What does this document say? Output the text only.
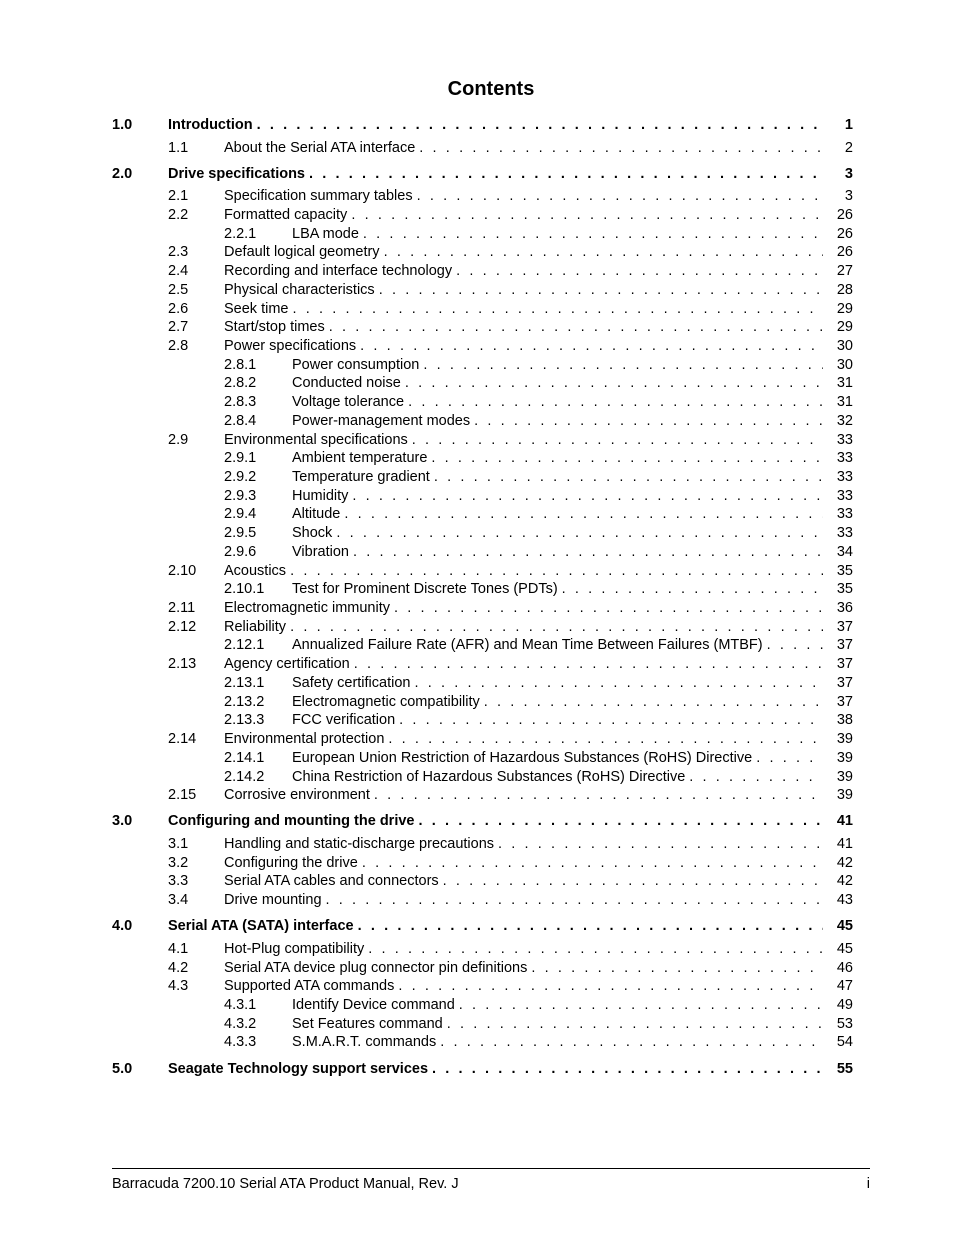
Contents
1.0 Introduction . . .	1
1.1 About the Serial ATA interface . . .	2
2.0 Drive specifications . . .	3
2.1 Specification summary tables . . .	3
2.2 Formatted capacity . . .	26
2.2.1 LBA mode . . .	26
2.3 Default logical geometry . . .	26
2.4 Recording and interface technology . . .	27
2.5 Physical characteristics . . .	28
2.6 Seek time . . .	29
2.7 Start/stop times . . .	29
2.8 Power specifications . . .	30
2.8.1 Power consumption . . .	30
2.8.2 Conducted noise . . .	31
2.8.3 Voltage tolerance . . .	31
2.8.4 Power-management modes . . .	32
2.9 Environmental specifications . . .	33
2.9.1 Ambient temperature . . .	33
2.9.2 Temperature gradient . . .	33
2.9.3 Humidity . . .	33
2.9.4 Altitude . . .	33
2.9.5 Shock . . .	33
2.9.6 Vibration . . .	34
2.10 Acoustics . . .	35
2.10.1 Test for Prominent Discrete Tones (PDTs) . . .	35
2.11 Electromagnetic immunity . . .	36
2.12 Reliability . . .	37
2.12.1 Annualized Failure Rate (AFR) and Mean Time Between Failures (MTBF) . . .	37
2.13 Agency certification . . .	37
2.13.1 Safety certification . . .	37
2.13.2 Electromagnetic compatibility . . .	37
2.13.3 FCC verification . . .	38
2.14 Environmental protection . . .	39
2.14.1 European Union Restriction of Hazardous Substances (RoHS) Directive . . .	39
2.14.2 China Restriction of Hazardous Substances (RoHS) Directive . . .	39
2.15 Corrosive environment . . .	39
3.0 Configuring and mounting the drive . . .	41
3.1 Handling and static-discharge precautions . . .	41
3.2 Configuring the drive . . .	42
3.3 Serial ATA cables and connectors . . .	42
3.4 Drive mounting . . .	43
4.0 Serial ATA (SATA) interface . . .	45
4.1 Hot-Plug compatibility . . .	45
4.2 Serial ATA device plug connector pin definitions . . .	46
4.3 Supported ATA commands . . .	47
4.3.1 Identify Device command . . .	49
4.3.2 Set Features command . . .	53
4.3.3 S.M.A.R.T. commands . . .	54
5.0 Seagate Technology support services . . .	55
Barracuda 7200.10 Serial ATA Product Manual, Rev. J	i
